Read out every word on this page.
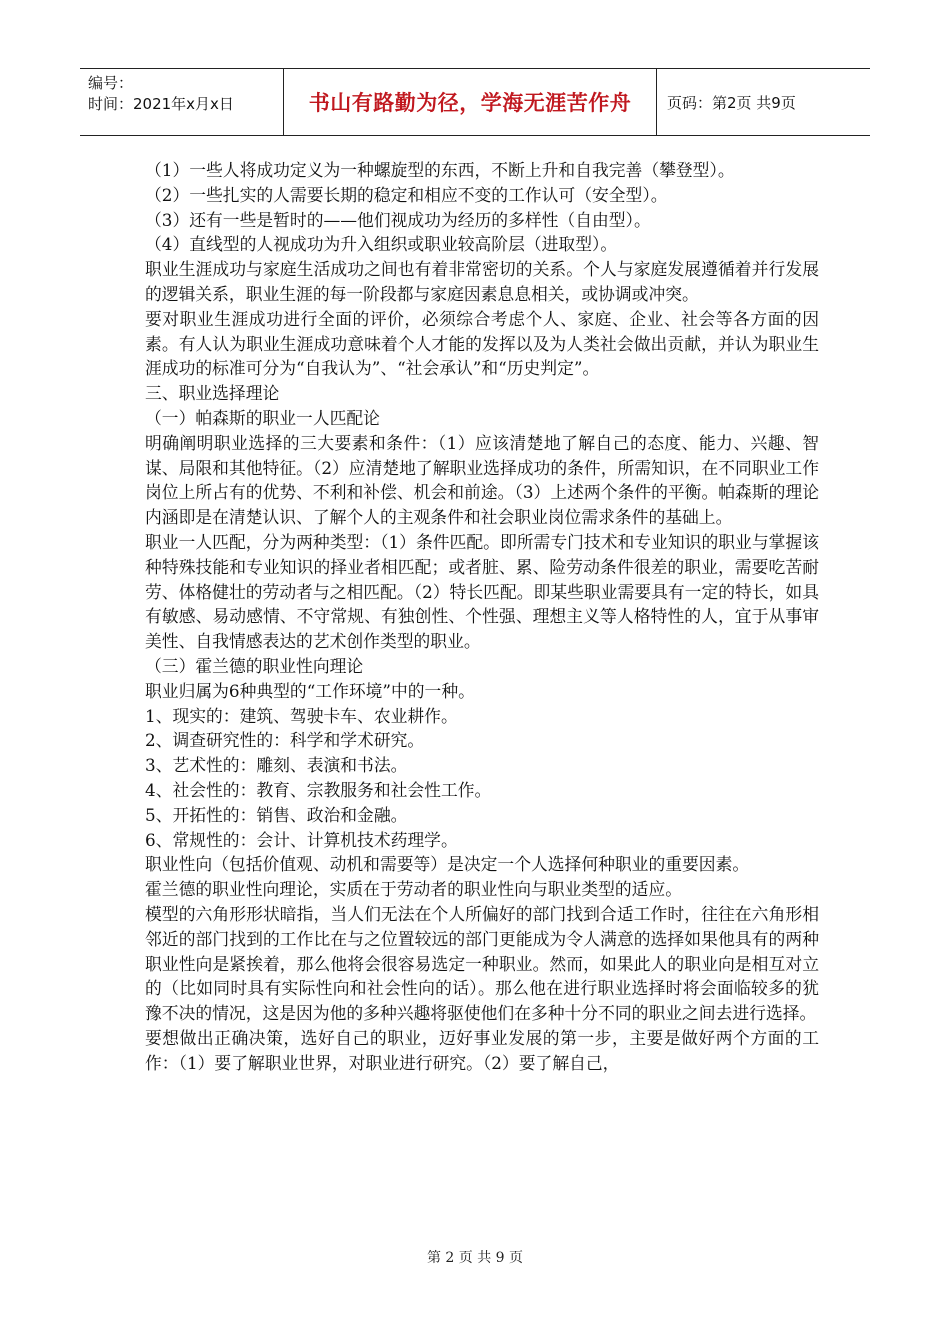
编号：
时间：2021年x月x日	书山有路勤为径，学海无涯苦作舟	页码：第2页 共9页

（1）一些人将成功定义为一种螺旋型的东西，不断上升和自我完善（攀登型）。

（2）一些扎实的人需要长期的稳定和相应不变的工作认可（安全型）。

（3）还有一些是暂时的——他们视成功为经历的多样性（自由型）。

（4）直线型的人视成功为升入组织或职业较高阶层（进取型）。

职业生涯成功与家庭生活成功之间也有着非常密切的关系。个人与家庭发展遵循着并行发展的逻辑关系，职业生涯的每一阶段都与家庭因素息息相关，或协调或冲突。

要对职业生涯成功进行全面的评价，必须综合考虑个人、家庭、企业、社会等各方面的因素。有人认为职业生涯成功意味着个人才能的发挥以及为人类社会做出贡献，并认为职业生涯成功的标准可分为“自我认为”、“社会承认”和“历史判定”。

三、职业选择理论

（一）帕森斯的职业一人匹配论

明确阐明职业选择的三大要素和条件：（1）应该清楚地了解自己的态度、能力、兴趣、智谋、局限和其他特征。（2）应清楚地了解职业选择成功的条件，所需知识，在不同职业工作岗位上所占有的优势、不利和补偿、机会和前途。（3）上述两个条件的平衡。帕森斯的理论内涵即是在清楚认识、了解个人的主观条件和社会职业岗位需求条件的基础上。

职业一人匹配，分为两种类型：（1）条件匹配。即所需专门技术和专业知识的职业与掌握该种特殊技能和专业知识的择业者相匹配；或者脏、累、险劳动条件很差的职业，需要吃苦耐劳、体格健壮的劳动者与之相匹配。（2）特长匹配。即某些职业需要具有一定的特长，如具有敏感、易动感情、不守常规、有独创性、个性强、理想主义等人格特性的人，宜于从事审美性、自我情感表达的艺术创作类型的职业。

（三）霍兰德的职业性向理论

职业归属为6种典型的“工作环境”中的一种。

1、现实的：建筑、驾驶卡车、农业耕作。

2、调查研究性的：科学和学术研究。

3、艺术性的：雕刻、表演和书法。

4、社会性的：教育、宗教服务和社会性工作。

5、开拓性的：销售、政治和金融。

6、常规性的：会计、计算机技术药理学。

职业性向（包括价值观、动机和需要等）是决定一个人选择何种职业的重要因素。

霍兰德的职业性向理论，实质在于劳动者的职业性向与职业类型的适应。

模型的六角形形状暗指，当人们无法在个人所偏好的部门找到合适工作时，往往在六角形相邻近的部门找到的工作比在与之位置较远的部门更能成为令人满意的选择如果他具有的两种职业性向是紧挨着，那么他将会很容易选定一种职业。然而，如果此人的职业向是相互对立的（比如同时具有实际性向和社会性向的话）。那么他在进行职业选择时将会面临较多的犹豫不决的情况，这是因为他的多种兴趣将驱使他们在多种十分不同的职业之间去进行选择。

要想做出正确决策，选好自己的职业，迈好事业发展的第一步，主要是做好两个方面的工作：（1）要了解职业世界，对职业进行研究。（2）要了解自己，

第 2 页 共 9 页
